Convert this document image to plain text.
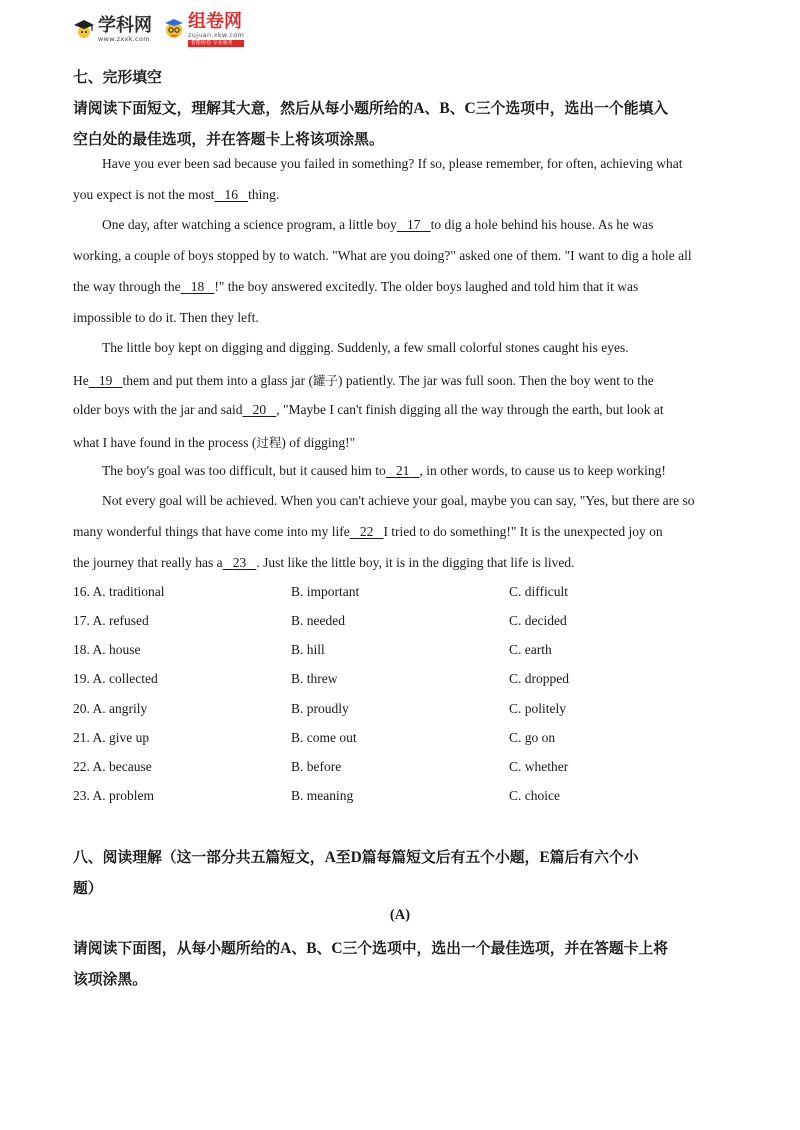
学科网
www.zxxk.com
组卷网
zujuan.xkw.com
智能组卷·专业服务
七、完形填空
请阅读下面短文，理解其大意，然后从每小题所给的A、B、C三个选项中，选出一个能填入
空白处的最佳选项，并在答题卡上将该项涂黑。
Have you ever been sad because you failed in something? If so, please remember, for often, achieving what
you expect is not the most 16 thing.
One day, after watching a science program, a little boy 17 to dig a hole behind his house. As he was
working, a couple of boys stopped by to watch. "What are you doing?" asked one of them. "I want to dig a hole all
the way through the 18 !" the boy answered excitedly. The older boys laughed and told him that it was
impossible to do it. Then they left.
The little boy kept on digging and digging. Suddenly, a few small colorful stones caught his eyes.
He 19 them and put them into a glass jar (罐子) patiently. The jar was full soon. Then the boy went to the
older boys with the jar and said 20 , "Maybe I can't finish digging all the way through the earth, but look at
what I have found in the process (过程) of digging!"
The boy's goal was too difficult, but it caused him to 21 , in other words, to cause us to keep working!
Not every goal will be achieved. When you can't achieve your goal, maybe you can say, "Yes, but there are so
many wonderful things that have come into my life 22 I tried to do something!" It is the unexpected joy on
the journey that really has a 23 . Just like the little boy, it is in the digging that life is lived.
16. A. traditional	B. important	C. difficult
17. A. refused	B. needed	C. decided
18. A. house	B. hill	C. earth
19. A. collected	B. threw	C. dropped
20. A. angrily	B. proudly	C. politely
21. A. give up	B. come out	C. go on
22. A. because	B. before	C. whether
23. A. problem	B. meaning	C. choice
八、阅读理解（这一部分共五篇短文，A至D篇每篇短文后有五个小题，E篇后有六个小
题）
(A)
请阅读下面图，从每小题所给的A、B、C三个选项中，选出一个最佳选项，并在答题卡上将
该项涂黑。
